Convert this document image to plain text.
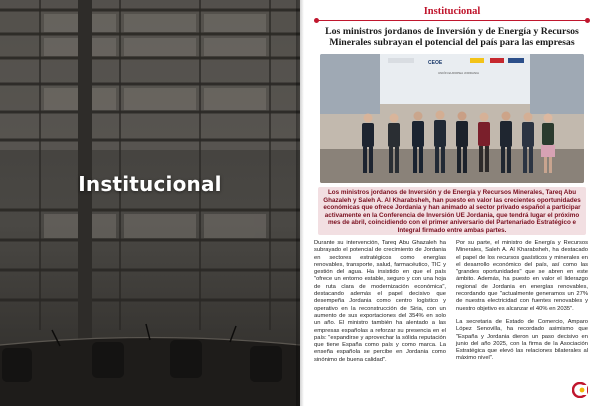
Institucional
Institucional
Los ministros jordanos de Inversión y de Energía y Recursos Minerales subrayan el potencial del país para las empresas
CEOE
UNIÓN EUROPEA JORDANIA
Los ministros jordanos de Inversión y de Energía y Recursos Minerales, Tareq Abu Ghazaleh y Saleh A. Al Kharabsheh, han puesto en valor las crecientes oportunidades económicas que ofrece Jordania y han animado al sector privado español a participar activamente en la Conferencia de Inversión UE Jordania, que tendrá lugar el próximo mes de abril, coincidiendo con el primer aniversario del Partenariado Estratégico e Integral firmado entre ambas partes.
Durante su intervención, Tareq Abu Ghazaleh ha subrayado el potencial de crecimiento de Jordania en sectores estratégicos como energías renovables, transporte, salud, farmacéutico, TIC y gestión del agua. Ha insistido en que el país "ofrece un entorno estable, seguro y con una hoja de ruta clara de modernización económica", destacando además el papel decisivo que desempeña Jordania como centro logístico y operativo en la reconstrucción de Siria, con un aumento de sus exportaciones del 354% en solo un año. El ministro también ha alentado a las empresas españolas a reforzar su presencia en el país: "expandirse y aprovechar la sólida reputación que tiene España como país y como marca. La enseña española se percibe en Jordania como sinónimo de buena calidad".

Por su parte, el ministro de Energía y Recursos Minerales, Saleh A. Al Kharabsheh, ha destacado el papel de los recursos gasísticos y minerales en el desarrollo económico del país, así como las "grandes oportunidades" que se abren en este ámbito. Además, ha puesto en valor el liderazgo regional de Jordania en energías renovables, recordando que "actualmente generamos un 27% de nuestra electricidad con fuentes renovables y nuestro objetivo es alcanzar el 40% en 2035".

La secretaria de Estado de Comercio, Amparo López Senovilla, ha recordado asimismo que "España y Jordania dieron un paso decisivo en junio del año 2025, con la firma de la Asociación Estratégica que elevó las relaciones bilaterales al máximo nivel".
